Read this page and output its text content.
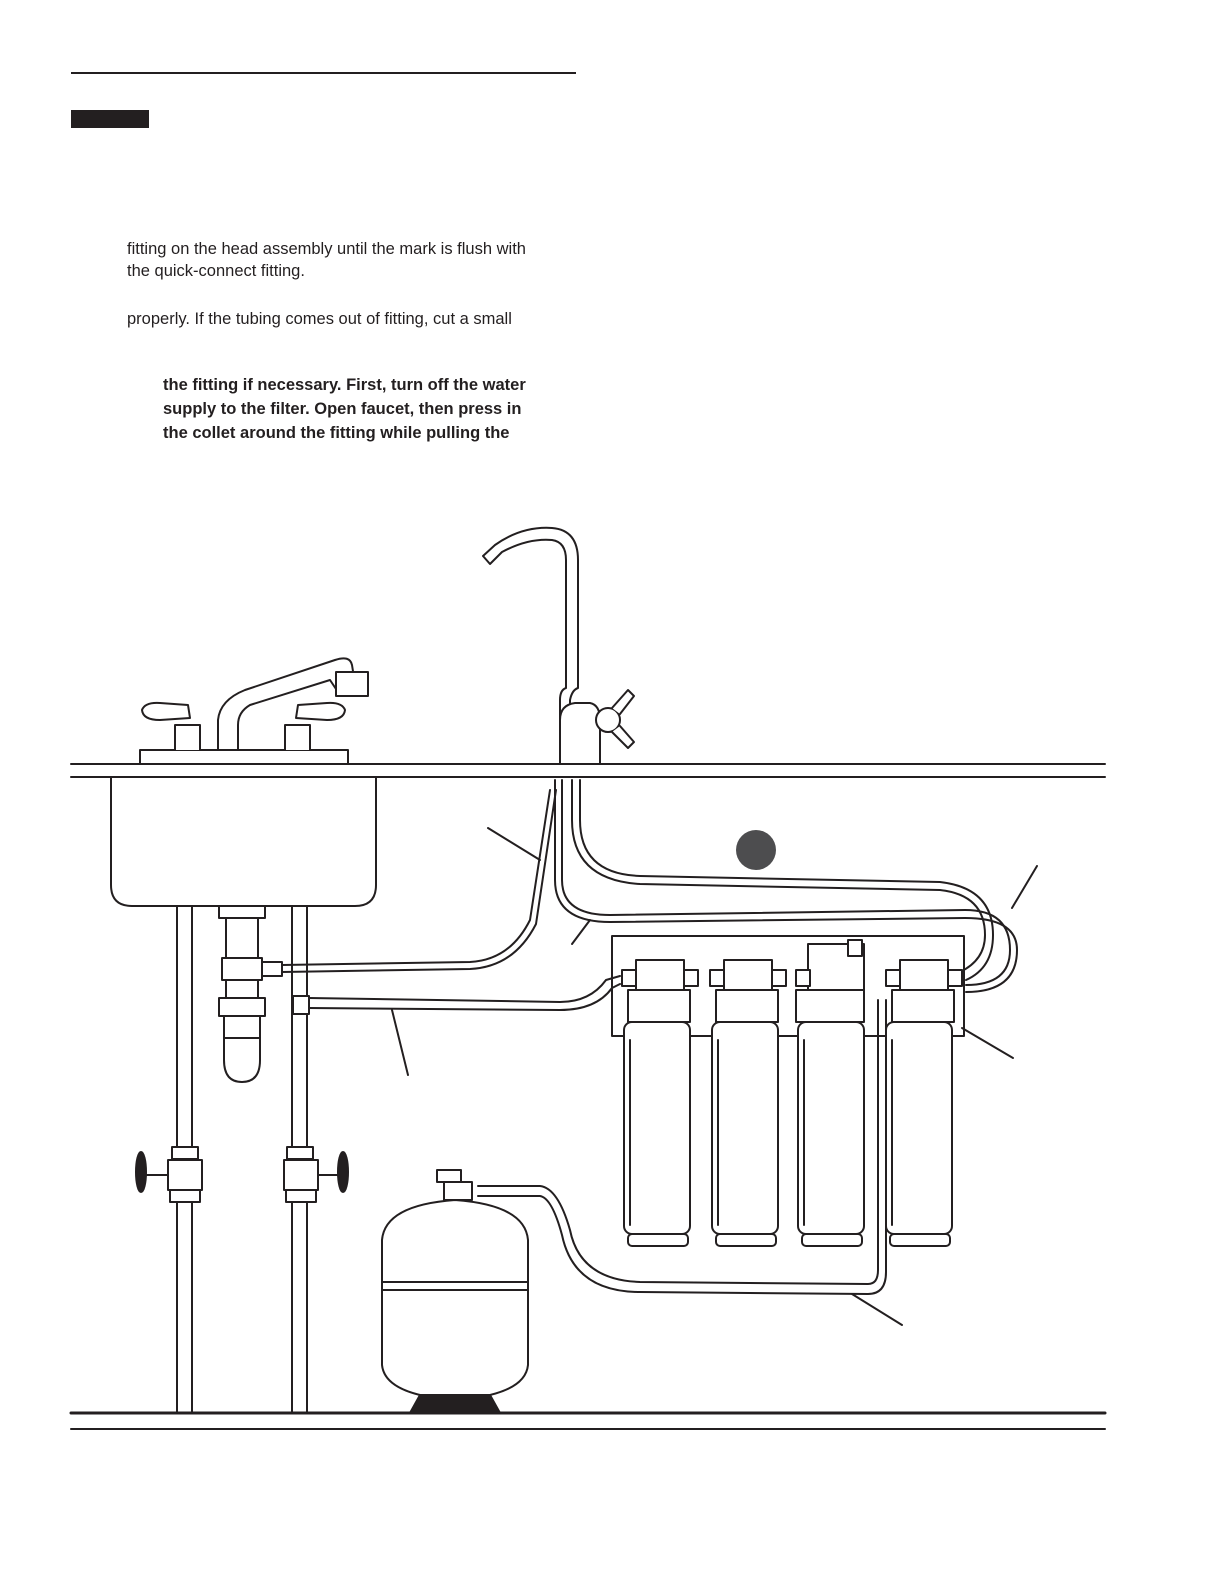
fitting on the head assembly until the mark is flush with
the quick-connect fitting.

properly. If the tubing comes out of fitting, cut a small

the fitting if necessary. First, turn off the water
supply to the filter. Open faucet, then press in
the collet around the fitting while pulling the
